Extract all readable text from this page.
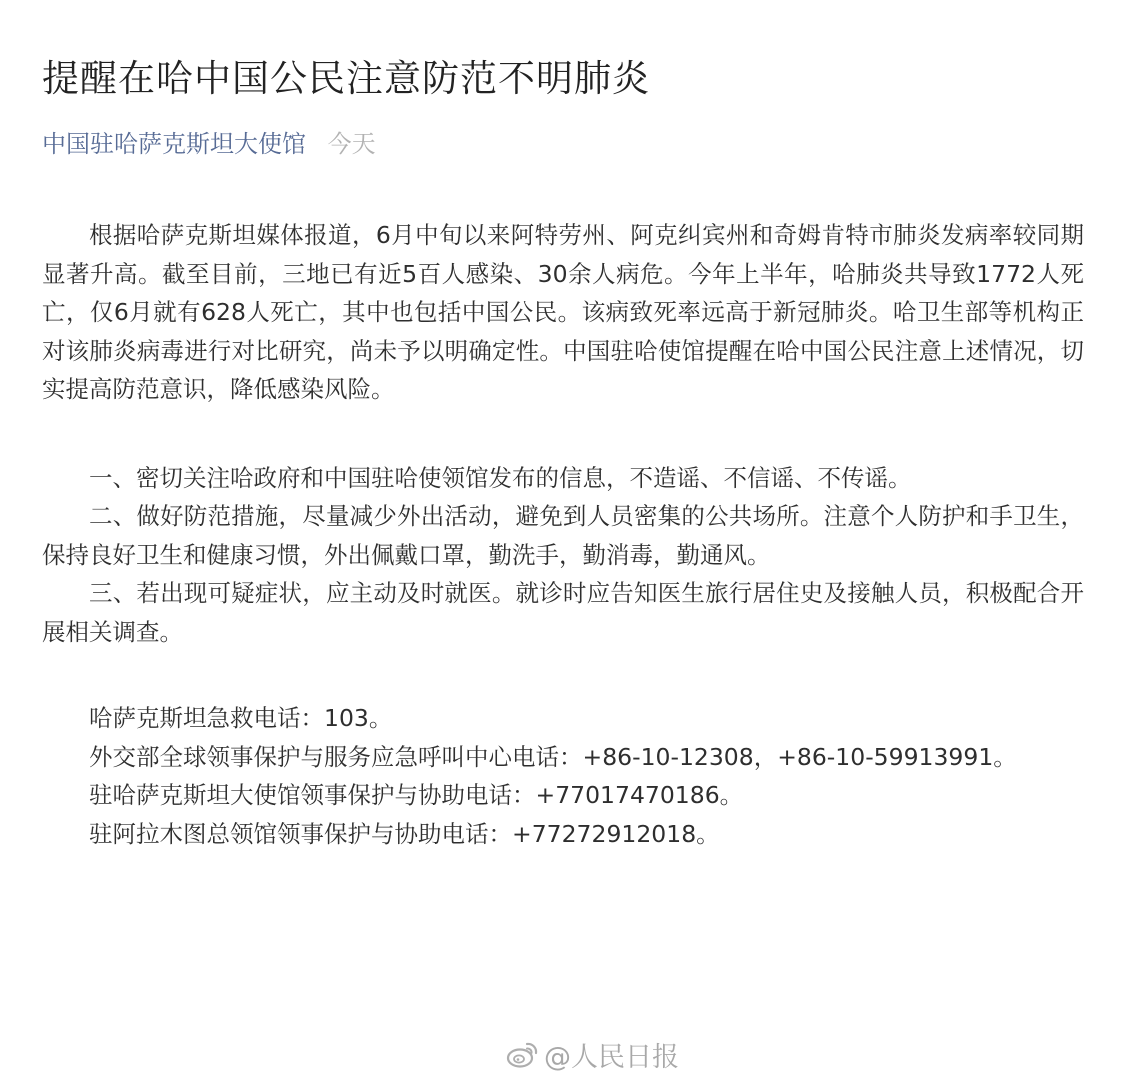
提醒在哈中国公民注意防范不明肺炎
中国驻哈萨克斯坦大使馆 今天

根据哈萨克斯坦媒体报道，6月中旬以来阿特劳州、阿克纠宾州和奇姆肯特市肺炎发病率较同期显著升高。截至目前，三地已有近5百人感染、30余人病危。今年上半年，哈肺炎共导致1772人死亡，仅6月就有628人死亡，其中也包括中国公民。该病致死率远高于新冠肺炎。哈卫生部等机构正对该肺炎病毒进行对比研究，尚未予以明确定性。中国驻哈使馆提醒在哈中国公民注意上述情况，切实提高防范意识，降低感染风险。

一、密切关注哈政府和中国驻哈使领馆发布的信息，不造谣、不信谣、不传谣。

二、做好防范措施，尽量减少外出活动，避免到人员密集的公共场所。注意个人防护和手卫生，保持良好卫生和健康习惯，外出佩戴口罩，勤洗手，勤消毒，勤通风。

三、若出现可疑症状，应主动及时就医。就诊时应告知医生旅行居住史及接触人员，积极配合开展相关调查。

哈萨克斯坦急救电话：103。

外交部全球领事保护与服务应急呼叫中心电话：+86-10-12308，+86-10-59913991。

驻哈萨克斯坦大使馆领事保护与协助电话：+77017470186。

驻阿拉木图总领馆领事保护与协助电话：+77272912018。

@人民日报
